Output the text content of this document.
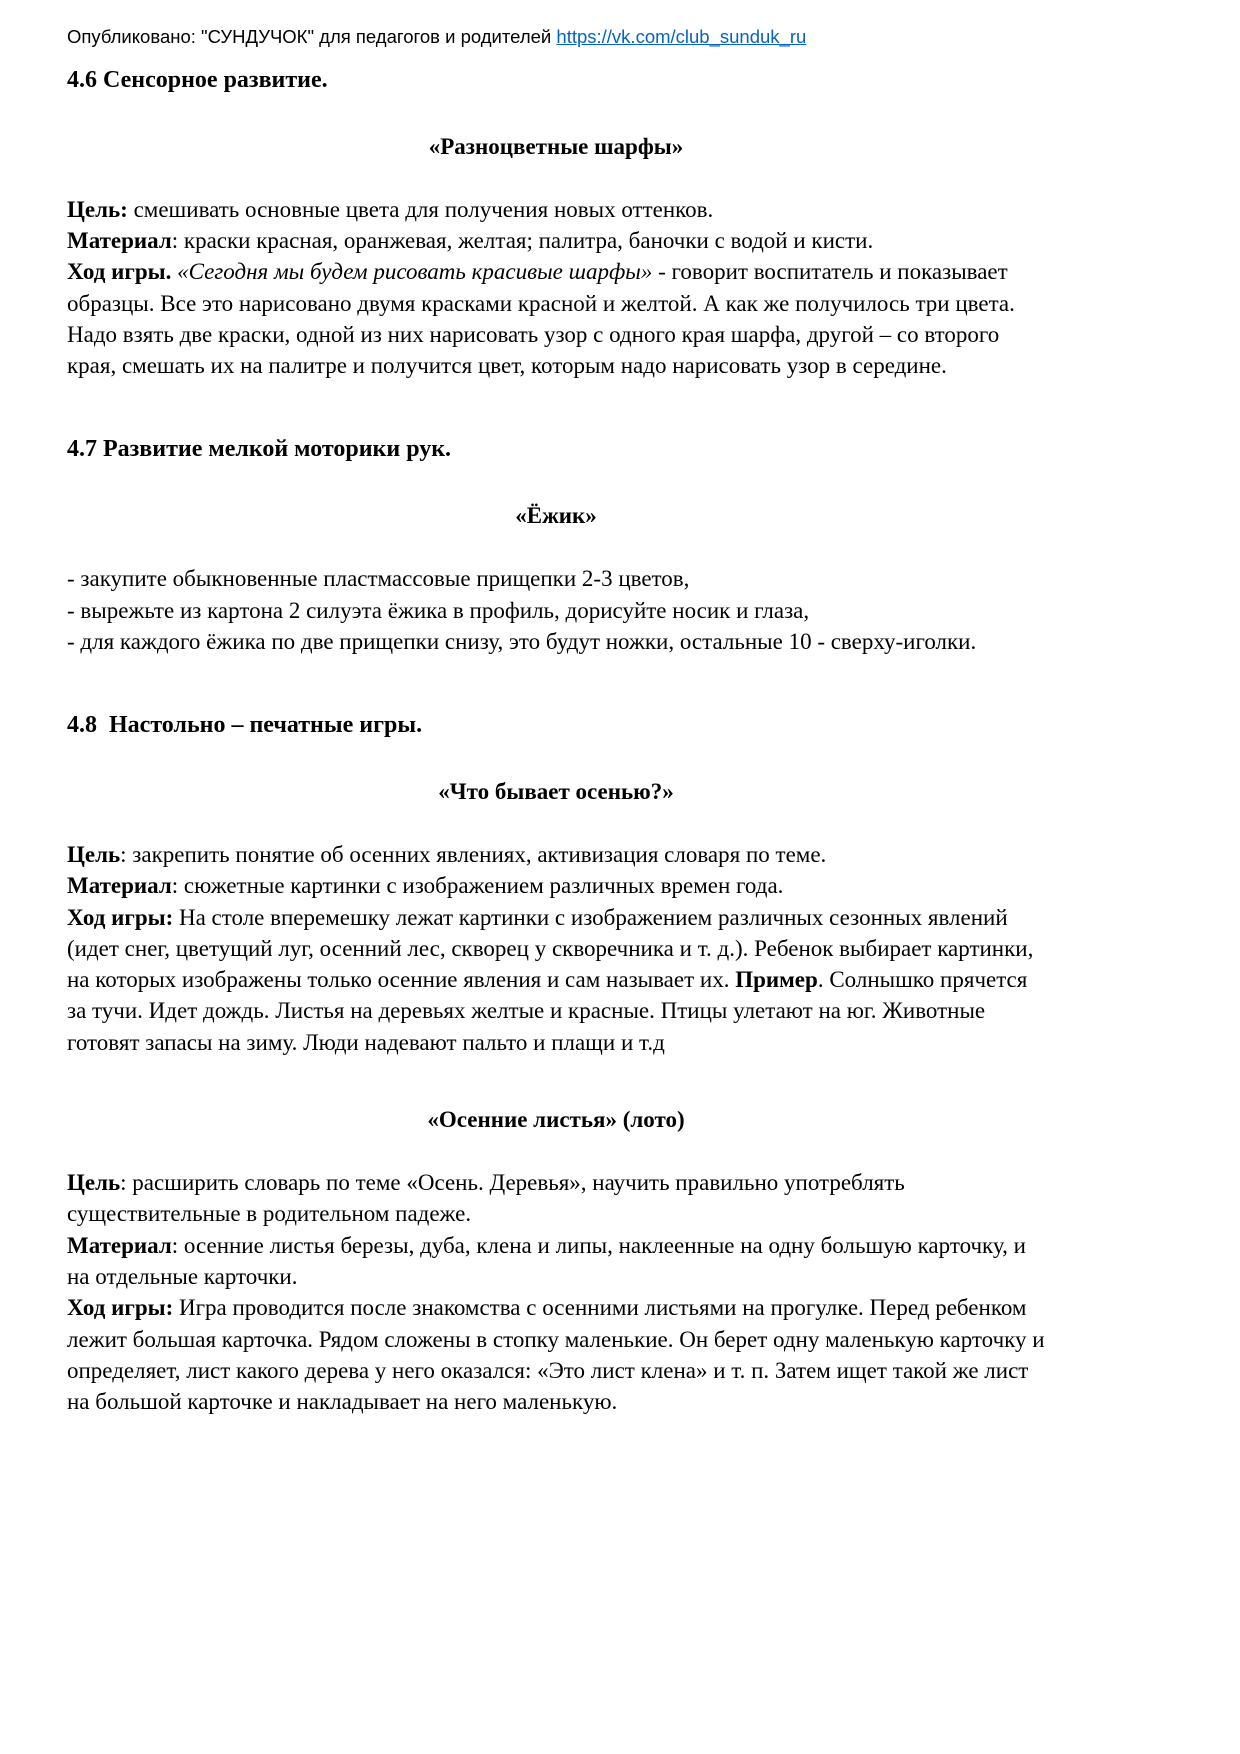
Опубликовано: "СУНДУЧОК" для педагогов и родителей https://vk.com/club_sunduk_ru
4.6 Сенсорное развитие.
«Разноцветные шарфы»

Цель: смешивать основные цвета для получения новых оттенков.

Материал: краски красная, оранжевая, желтая; палитра, баночки с водой и кисти.

Ход игры. «Сегодня мы будем рисовать красивые шарфы» - говорит воспитатель и показывает образцы. Все это нарисовано двумя красками красной и желтой. А как же получилось три цвета. Надо взять две краски, одной из них нарисовать узор с одного края шарфа, другой – со второго края, смешать их на палитре и получится цвет, которым надо нарисовать узор в середине.

4.7 Развитие мелкой моторики рук.
«Ёжик»

- закупите обыкновенные пластмассовые прищепки 2-3 цветов,

- вырежьте из картона 2 силуэта ёжика в профиль, дорисуйте носик и глаза,

- для каждого ёжика по две прищепки снизу, это будут ножки, остальные 10 - сверху-иголки.

4.8  Настольно – печатные игры.
«Что бывает осенью?»

Цель: закрепить понятие об осенних явлениях, активизация словаря по теме.

Материал: сюжетные картинки с изображением различных времен года.

Ход игры: На столе вперемешку лежат картинки с изображением различных сезонных явлений (идет снег, цветущий луг, осенний лес, скворец у скворечника и т. д.). Ребенок выбирает картинки, на которых изображены только осенние явления и сам называет их. Пример. Солнышко прячется за тучи. Идет дождь. Листья на деревьях желтые и красные. Птицы улетают на юг. Животные готовят запасы на зиму. Люди надевают пальто и плащи и т.д

«Осенние листья» (лото)

Цель: расширить словарь по теме «Осень. Деревья», научить правильно употреблять существительные в родительном падеже.

Материал: осенние листья березы, дуба, клена и липы, наклеенные на одну большую карточку, и на отдельные карточки.

Ход игры: Игра проводится после знакомства с осенними листьями на прогулке. Перед ребенком лежит большая карточка. Рядом сложены в стопку маленькие. Он берет одну маленькую карточку и определяет, лист какого дерева у него оказался: «Это лист клена» и т. п. Затем ищет такой же лист на большой карточке и накладывает на него маленькую.
